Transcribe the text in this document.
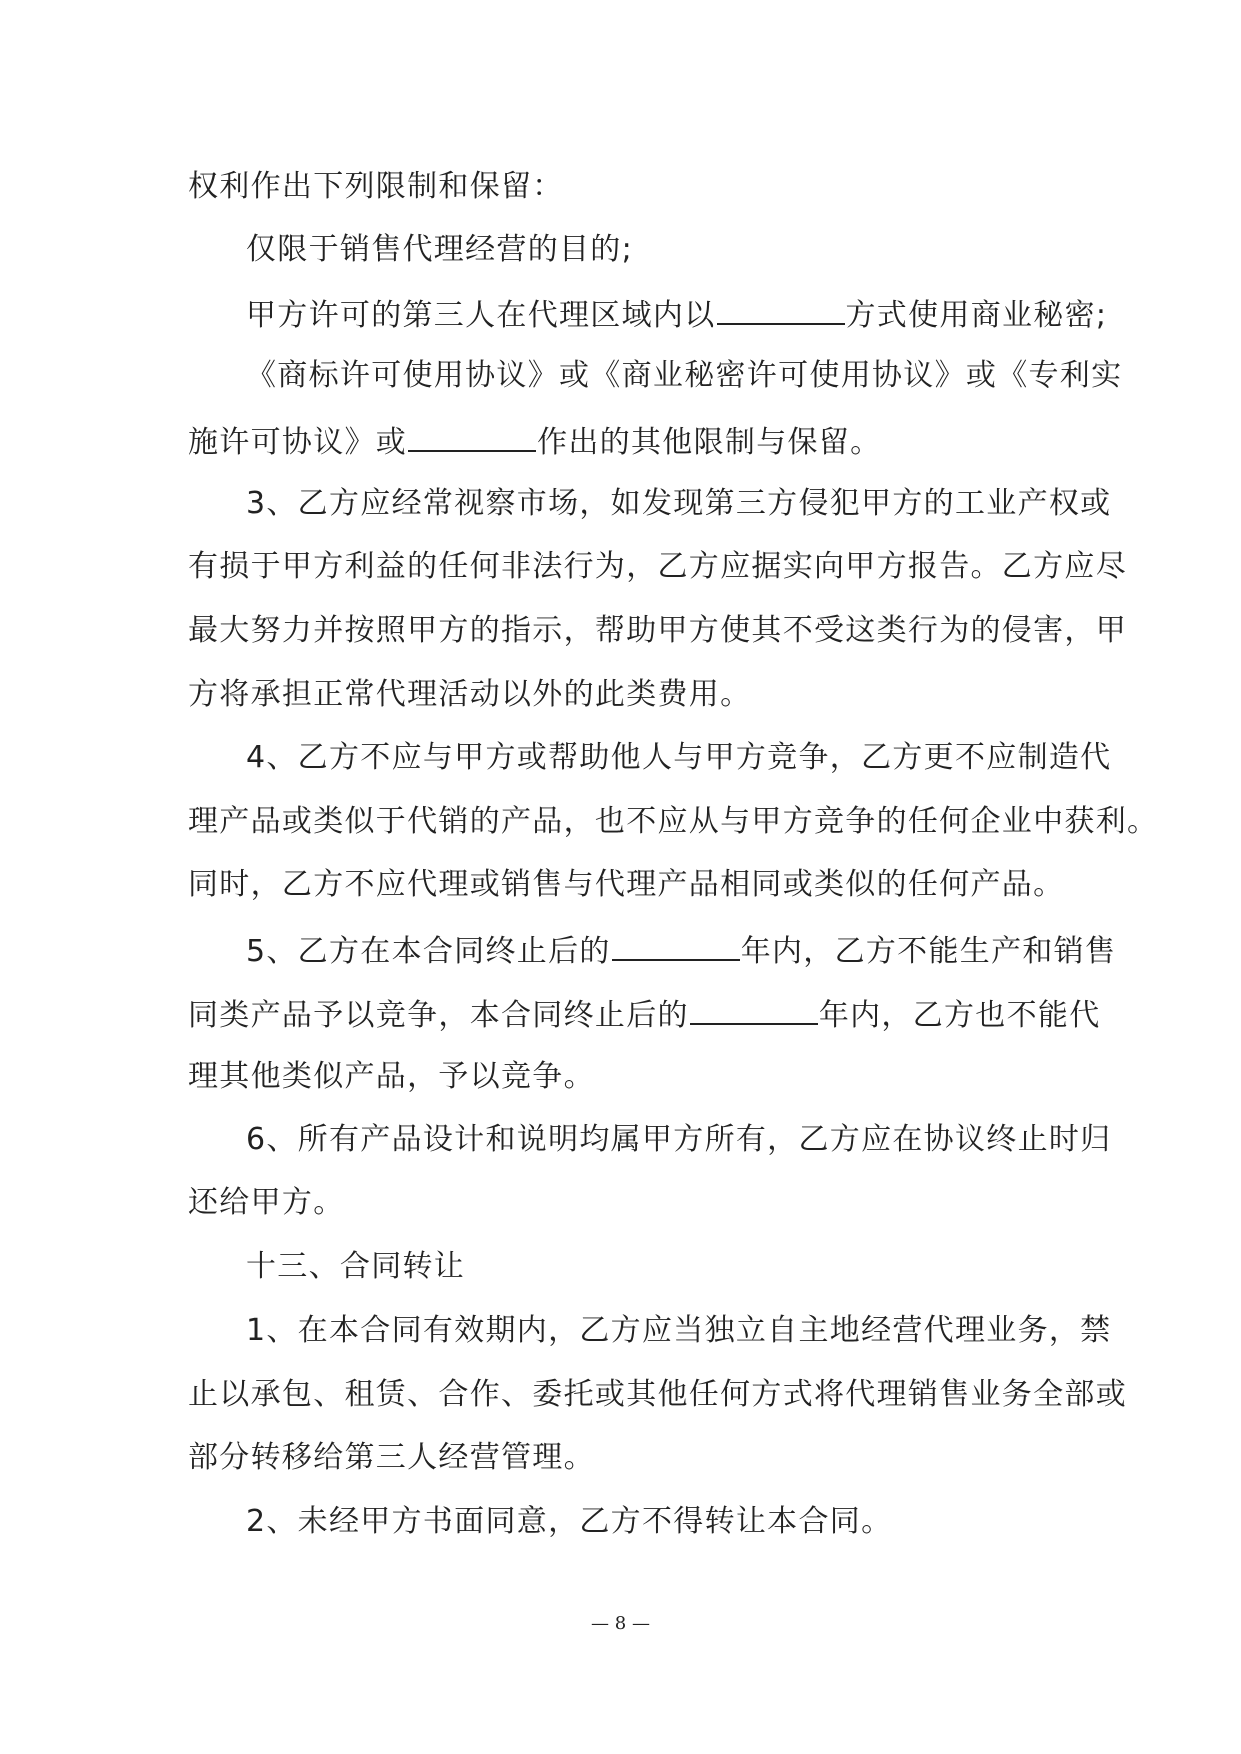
权利作出下列限制和保留：
仅限于销售代理经营的目的;
甲方许可的第三人在代理区域内以	方式使用商业秘密;
《商标许可使用协议》或《商业秘密许可使用协议》或《专利实
施许可协议》或	作出的其他限制与保留。
3、乙方应经常视察市场，如发现第三方侵犯甲方的工业产权或
有损于甲方利益的任何非法行为，乙方应据实向甲方报告。乙方应尽
最大努力并按照甲方的指示，帮助甲方使其不受这类行为的侵害，甲
方将承担正常代理活动以外的此类费用。
4、乙方不应与甲方或帮助他人与甲方竞争，乙方更不应制造代
理产品或类似于代销的产品，也不应从与甲方竞争的任何企业中获利。
同时，乙方不应代理或销售与代理产品相同或类似的任何产品。
5、乙方在本合同终止后的	年内，乙方不能生产和销售
同类产品予以竞争，本合同终止后的	年内，乙方也不能代
理其他类似产品，予以竞争。
6、所有产品设计和说明均属甲方所有，乙方应在协议终止时归
还给甲方。
十三、合同转让
1、在本合同有效期内，乙方应当独立自主地经营代理业务，禁
止以承包、租赁、合作、委托或其他任何方式将代理销售业务全部或
部分转移给第三人经营管理。
2、未经甲方书面同意，乙方不得转让本合同。
— 8 —
